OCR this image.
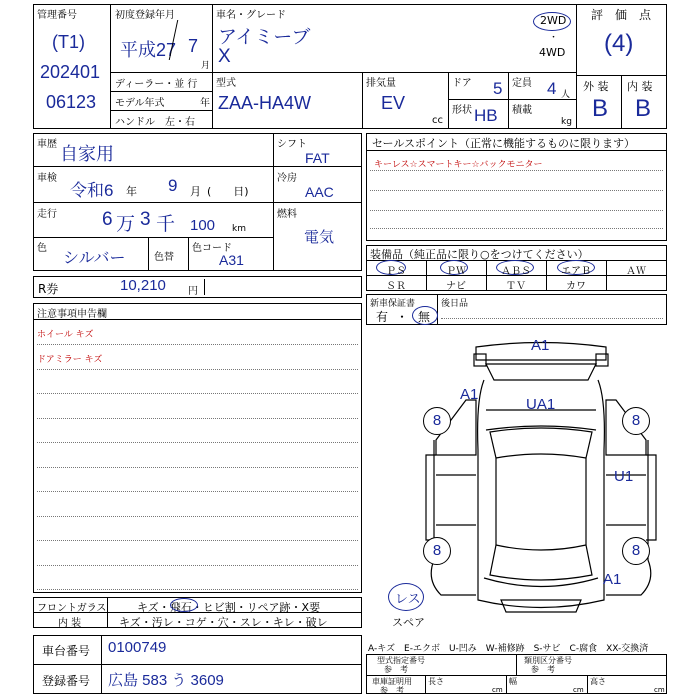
管理番号
(T1)
202401
06123
初度登録年月
平成27 7
月
ディーラー・並 行
モデル年式	年
ハンドル　左・右
車名・グレード
アイミーブ
X
2WD
・
4WD
型式
ZAA-HA4W
排気量
EV
cc
ドア 5 定員 4 人
形状 HB 積載
kg
評　価　点
(4)
外 装 内 装
B B
車歴 自家用
車検
令和6 年 9 月 (　　日)
走行 6 万 3 千 100 km
色
シルバー	色替
色コード
A31
シフト
FAT
冷房
AAC
燃料
電気
R券	10,210 円
セールスポイント（正常に機能するものに限ります）
キーレス☆スマートキー☆バックモニター
装備品（純正品に限り○をつけてください）
ＰＳ	ＰＷ	ＡＢＳ	エアＢ	ＡＷ
ＳＲ	ナビ	ＴＶ	カワ
新車保証書
有 ・ 無
後日品
注意事項申告欄
ホイール キズ
ドアミラー キズ
8	8
8	8
A1
A1
UA1
U1
A1
レス
スペア
フロントガラス	キズ・飛石・ヒビ割・リペア跡・X要
内 装	キズ・汚レ・コゲ・穴・スレ・キレ・破レ
車台番号 0100749
登録番号 広島 583 う 3609
A-キズ　E-エクボ　U-凹み　W-補修跡　S-サビ　C-腐食　XX-交換済
型式指定番号
参　考
類別区分番号
参　考
車庫証明用
参　考
長さ
cm
幅
cm
高さ
cm
